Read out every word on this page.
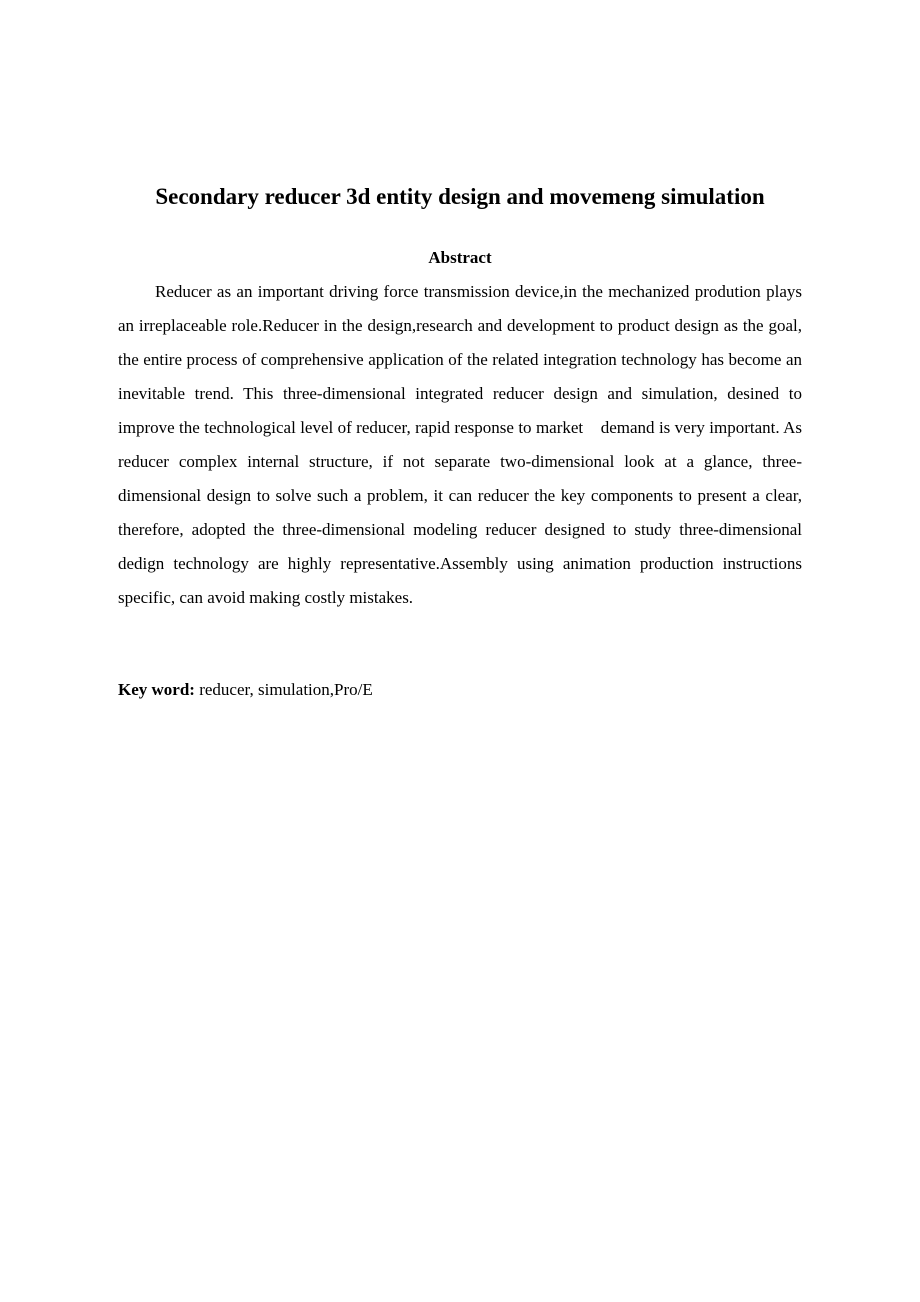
Secondary reducer 3d entity design and movemeng simulation
Abstract

Reducer as an important driving force transmission device,in the mechanized prodution plays an irreplaceable role.Reducer in the design,research and development to product design as the goal, the entire process of comprehensive application of the related integration technology has become an inevitable trend. This three-dimensional integrated reducer design and simulation, desined to improve the technological level of reducer, rapid response to market    demand is very important. As reducer complex internal structure, if not separate two-dimensional look at a glance, three-dimensional design to solve such a problem, it can reducer the key components to present a clear, therefore, adopted the three-dimensional modeling reducer designed to study three-dimensional dedign technology are highly representative.Assembly using animation production instructions specific, can avoid making costly mistakes.

Key word: reducer, simulation,Pro/E
